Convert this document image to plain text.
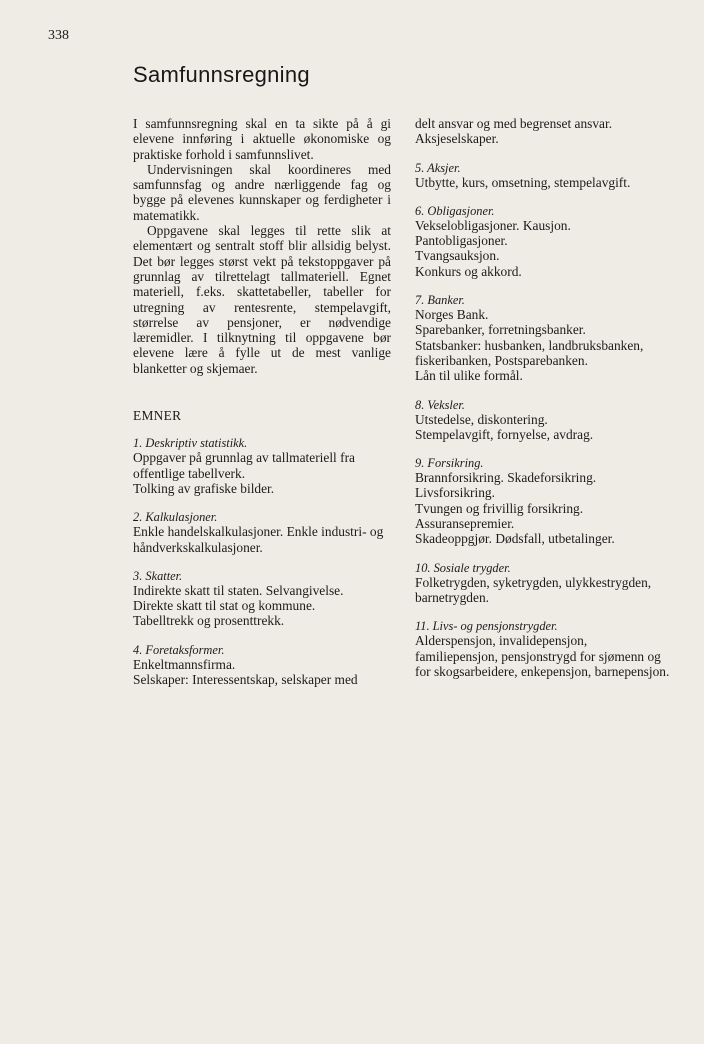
338
Samfunnsregning

I samfunnsregning skal en ta sikte på å gi elevene innføring i aktuelle økonomiske og praktiske forhold i samfunnslivet.

Undervisningen skal koordineres med samfunnsfag og andre nærliggende fag og bygge på elevenes kunnskaper og ferdigheter i matematikk.

Oppgavene skal legges til rette slik at elementært og sentralt stoff blir allsidig belyst. Det bør legges størst vekt på tekstoppgaver på grunnlag av tilrettelagt tallmateriell. Egnet materiell, f.eks. skattetabeller, tabeller for utregning av rentesrente, stempelavgift, størrelse av pensjoner, er nødvendige læremidler. I tilknytning til oppgavene bør elevene lære å fylle ut de mest vanlige blanketter og skjemaer.

EMNER
1. Deskriptiv statistikk.
Oppgaver på grunnlag av tallmateriell fra offentlige tabellverk.
Tolking av grafiske bilder.
2. Kalkulasjoner.
Enkle handelskalkulasjoner. Enkle industri- og håndverkskalkulasjoner.
3. Skatter.
Indirekte skatt til staten. Selvangivelse.
Direkte skatt til stat og kommune.
Tabelltrekk og prosenttrekk.
4. Foretaksformer.
Enkeltmannsfirma.
Selskaper: Interessentskap, selskaper med
delt ansvar og med begrenset ansvar.
Aksjeselskaper.
5. Aksjer.
Utbytte, kurs, omsetning, stempelavgift.
6. Obligasjoner.
Vekselobligasjoner. Kausjon.
Pantobligasjoner.
Tvangsauksjon.
Konkurs og akkord.
7. Banker.
Norges Bank.
Sparebanker, forretningsbanker.
Statsbanker: husbanken, landbruksbanken, fiskeribanken, Postsparebanken.
Lån til ulike formål.
8. Veksler.
Utstedelse, diskontering.
Stempelavgift, fornyelse, avdrag.
9. Forsikring.
Brannforsikring. Skadeforsikring. Livsforsikring.
Tvungen og frivillig forsikring.
Assuransepremier.
Skadeoppgjør. Dødsfall, utbetalinger.
10. Sosiale trygder.
Folketrygden, syketrygden, ulykkestrygden, barnetrygden.
11. Livs- og pensjonstrygder.
Alderspensjon, invalidepensjon, familiepensjon, pensjonstrygd for sjømenn og for skogsarbeidere, enkepensjon, barnepensjon.
